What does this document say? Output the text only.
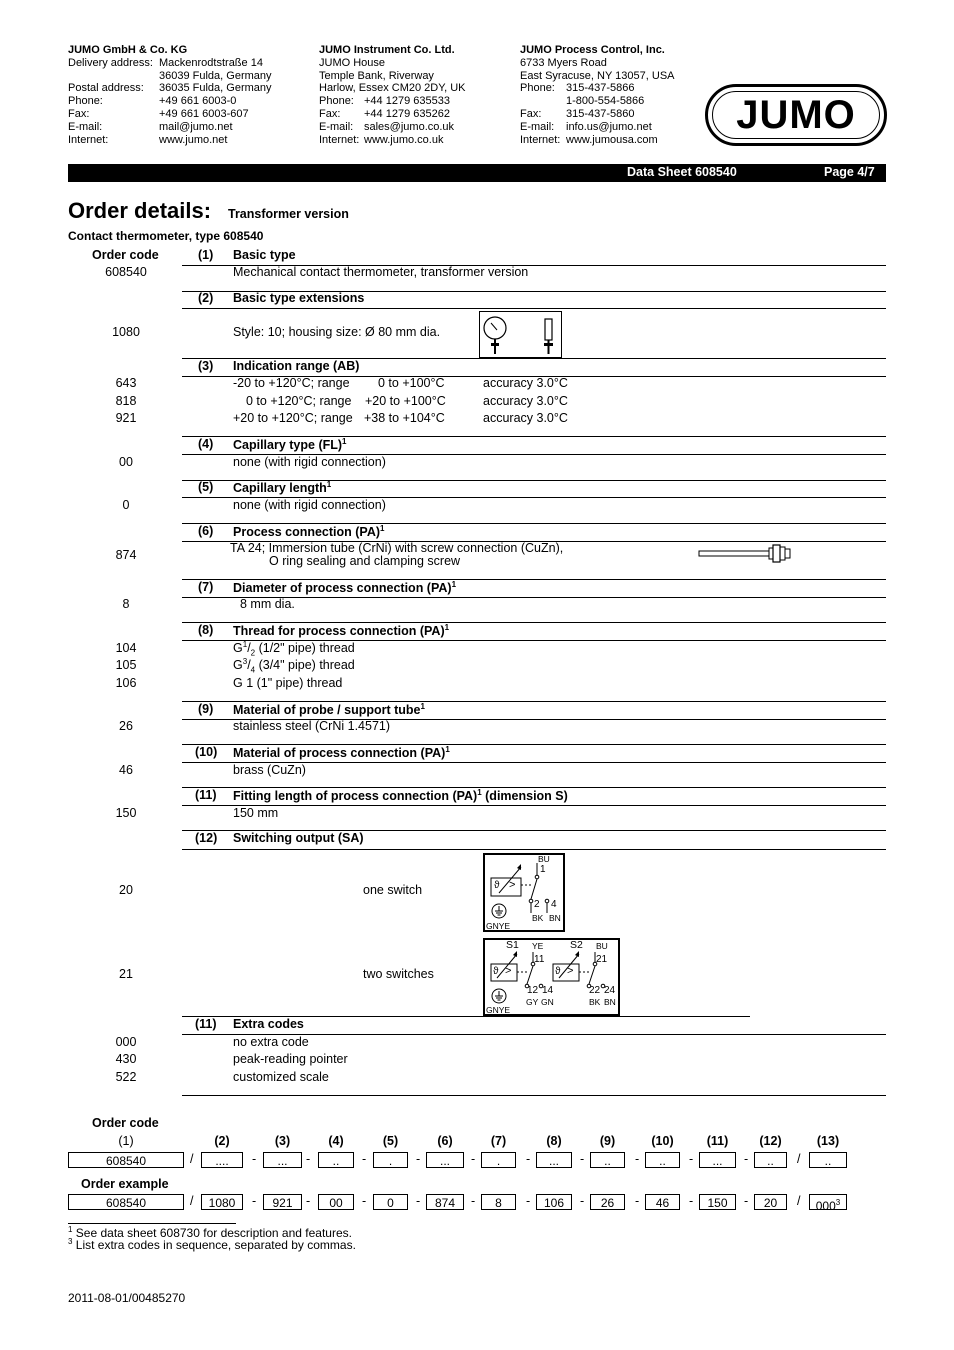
JUMO GmbH & Co. KG
Delivery address: Mackenrodtstraße 14
36039 Fulda, Germany
Postal address: 36035 Fulda, Germany
Phone:	+49 661 6003-0
Fax:	+49 661 6003-607
E-mail:	mail@jumo.net
Internet:	www.jumo.net
JUMO Instrument Co. Ltd.
JUMO House
Temple Bank, Riverway
Harlow, Essex CM20 2DY, UK
Phone: +44 1279 635533
Fax: +44 1279 635262
E-mail: sales@jumo.co.uk
Internet: www.jumo.co.uk
JUMO Process Control, Inc.
6733 Myers Road
East Syracuse, NY 13057, USA
Phone: 315-437-5866
1-800-554-5866
Fax: 315-437-5860
E-mail: info.us@jumo.net
Internet: www.jumousa.com
JUMO
Data Sheet 608540	Page 4/7
Order details: Transformer version
Contact thermometer, type 608540
Order code	(1) Basic type
608540	Mechanical contact thermometer, transformer version
(2) Basic type extensions
1080	Style: 10; housing size: Ø 80 mm dia.
(3) Indication range (AB)
643	-20 to +120°C; range 0 to +100°C	accuracy 3.0°C
818	0 to +120°C; range +20 to +100°C	accuracy 3.0°C
921	+20 to +120°C; range +38 to +104°C	accuracy 3.0°C
(4) Capillary type (FL)$^1$
00	none (with rigid connection)
(5) Capillary length$^1$
0	none (with rigid connection)
(6) Process connection (PA)$^1$
874	TA 24; Immersion tube (CrNi) with screw connection (CuZn),
O ring sealing and clamping screw
(7) Diameter of process connection (PA)$^1$
8	8 mm dia.
(8) Thread for process connection (PA)$^1$
104	$G^1/_2$ (1/2" pipe) thread
105	$G^3/_4$ (3/4" pipe) thread
106	G 1 (1" pipe) thread
(9) Material of probe / support tube$^1$
26	stainless steel (CrNi 1.4571)
(10) Material of process connection (PA)$^1$
46	brass (CuZn)
(11) Fitting length of process connection (PA)$^1$ (dimension S)
150	150 mm
(12) Switching output (SA)
20	one switch
21	two switches
ϑ >
BU
1
2 4
BK BN
GNYE
ϑ >	ϑ >
S1 YE	S2 BU
11	21
12 14	22 24
GY GN	BK BN
GNYE
(11) Extra codes
000	no extra code
430	peak-reading pointer
522	customized scale
Order code
(1)	(2)	(3)	(4)	(5)	(6)	(7)	(8)	(9)	(10)	(11)	(12)	(13)
608540	....	...	..	.	...	.	...	..	..	...	..	..
/	-	-	-	-	-	-	-	-	-	-	/
Order example
608540	1080	921	00	0	874	8	106	26	46	150	20	$000^3$
/	-	-	-	-	-	-	-	-	-	-	/
$^1$ See data sheet 608730 for description and features.
$^3$ List extra codes in sequence, separated by commas.
2011-08-01/00485270
